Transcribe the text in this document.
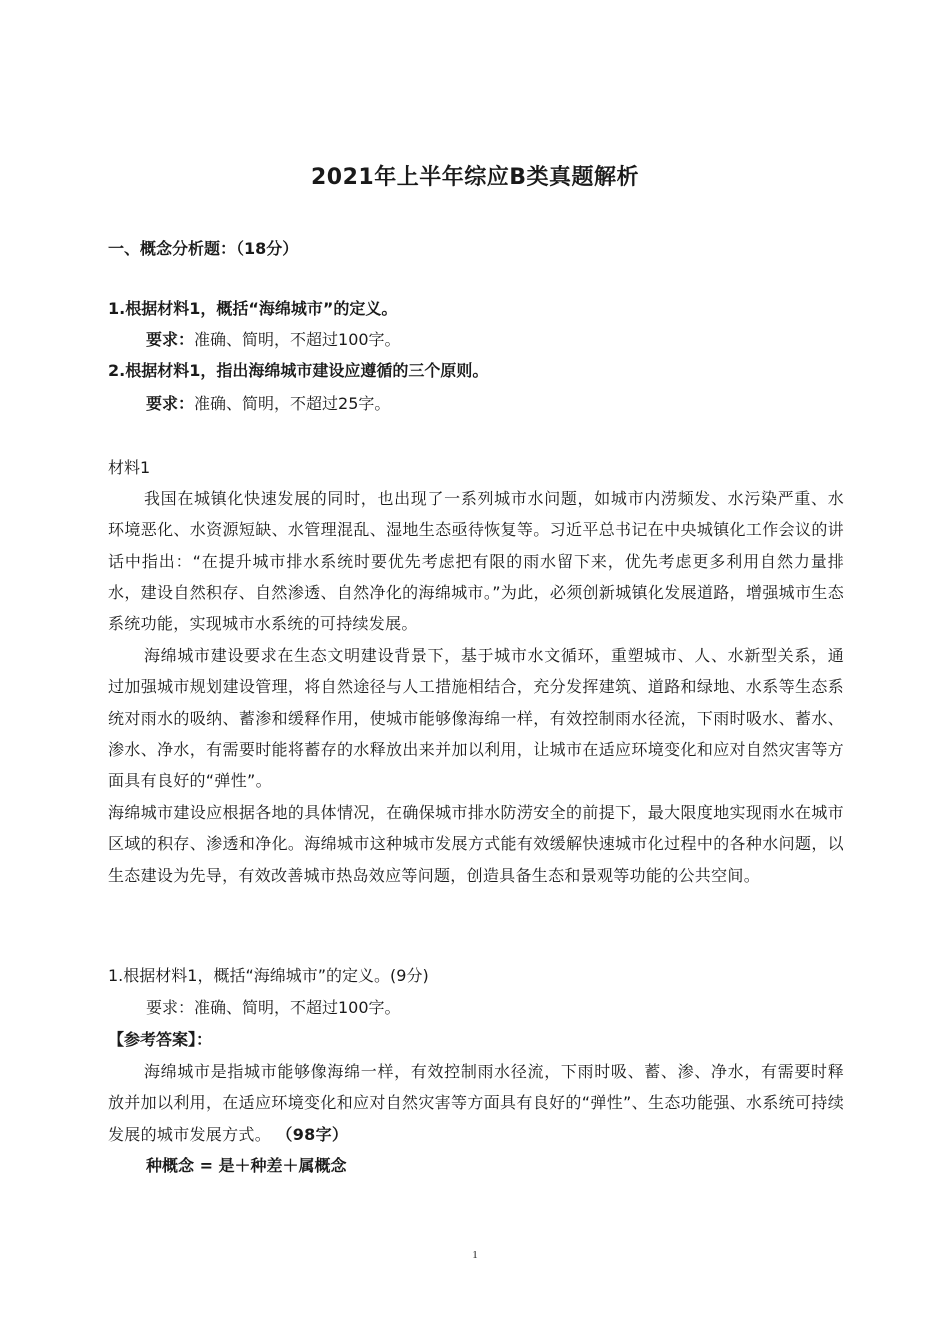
2021年上半年综应B类真题解析
一、概念分析题：（18分）
1.根据材料1，概括“海绵城市”的定义。
要求：准确、简明，不超过100字。
2.根据材料1，指出海绵城市建设应遵循的三个原则。
要求：准确、简明，不超过25字。
材料1
我国在城镇化快速发展的同时，也出现了一系列城市水问题，如城市内涝频发、水污染严重、水环境恶化、水资源短缺、水管理混乱、湿地生态亟待恢复等。习近平总书记在中央城镇化工作会议的讲话中指出：“在提升城市排水系统时要优先考虑把有限的雨水留下来，优先考虑更多利用自然力量排水，建设自然积存、自然渗透、自然净化的海绵城市。”为此，必须创新城镇化发展道路，增强城市生态系统功能，实现城市水系统的可持续发展。
海绵城市建设要求在生态文明建设背景下，基于城市水文循环，重塑城市、人、水新型关系，通过加强城市规划建设管理，将自然途径与人工措施相结合，充分发挥建筑、道路和绿地、水系等生态系统对雨水的吸纳、蓄渗和缓释作用，使城市能够像海绵一样，有效控制雨水径流，下雨时吸水、蓄水、渗水、净水，有需要时能将蓄存的水释放出来并加以利用，让城市在适应环境变化和应对自然灾害等方面具有良好的“弹性”。
海绵城市建设应根据各地的具体情况，在确保城市排水防涝安全的前提下，最大限度地实现雨水在城市区域的积存、渗透和净化。海绵城市这种城市发展方式能有效缓解快速城市化过程中的各种水问题，以生态建设为先导，有效改善城市热岛效应等问题，创造具备生态和景观等功能的公共空间。
1.根据材料1，概括“海绵城市”的定义。(9分)
要求：准确、简明，不超过100字。
【参考答案】：
海绵城市是指城市能够像海绵一样，有效控制雨水径流，下雨时吸、蓄、渗、净水，有需要时释放并加以利用，在适应环境变化和应对自然灾害等方面具有良好的“弹性”、生态功能强、水系统可持续发展的城市发展方式。 （98字）
种概念 = 是＋种差＋属概念
1
